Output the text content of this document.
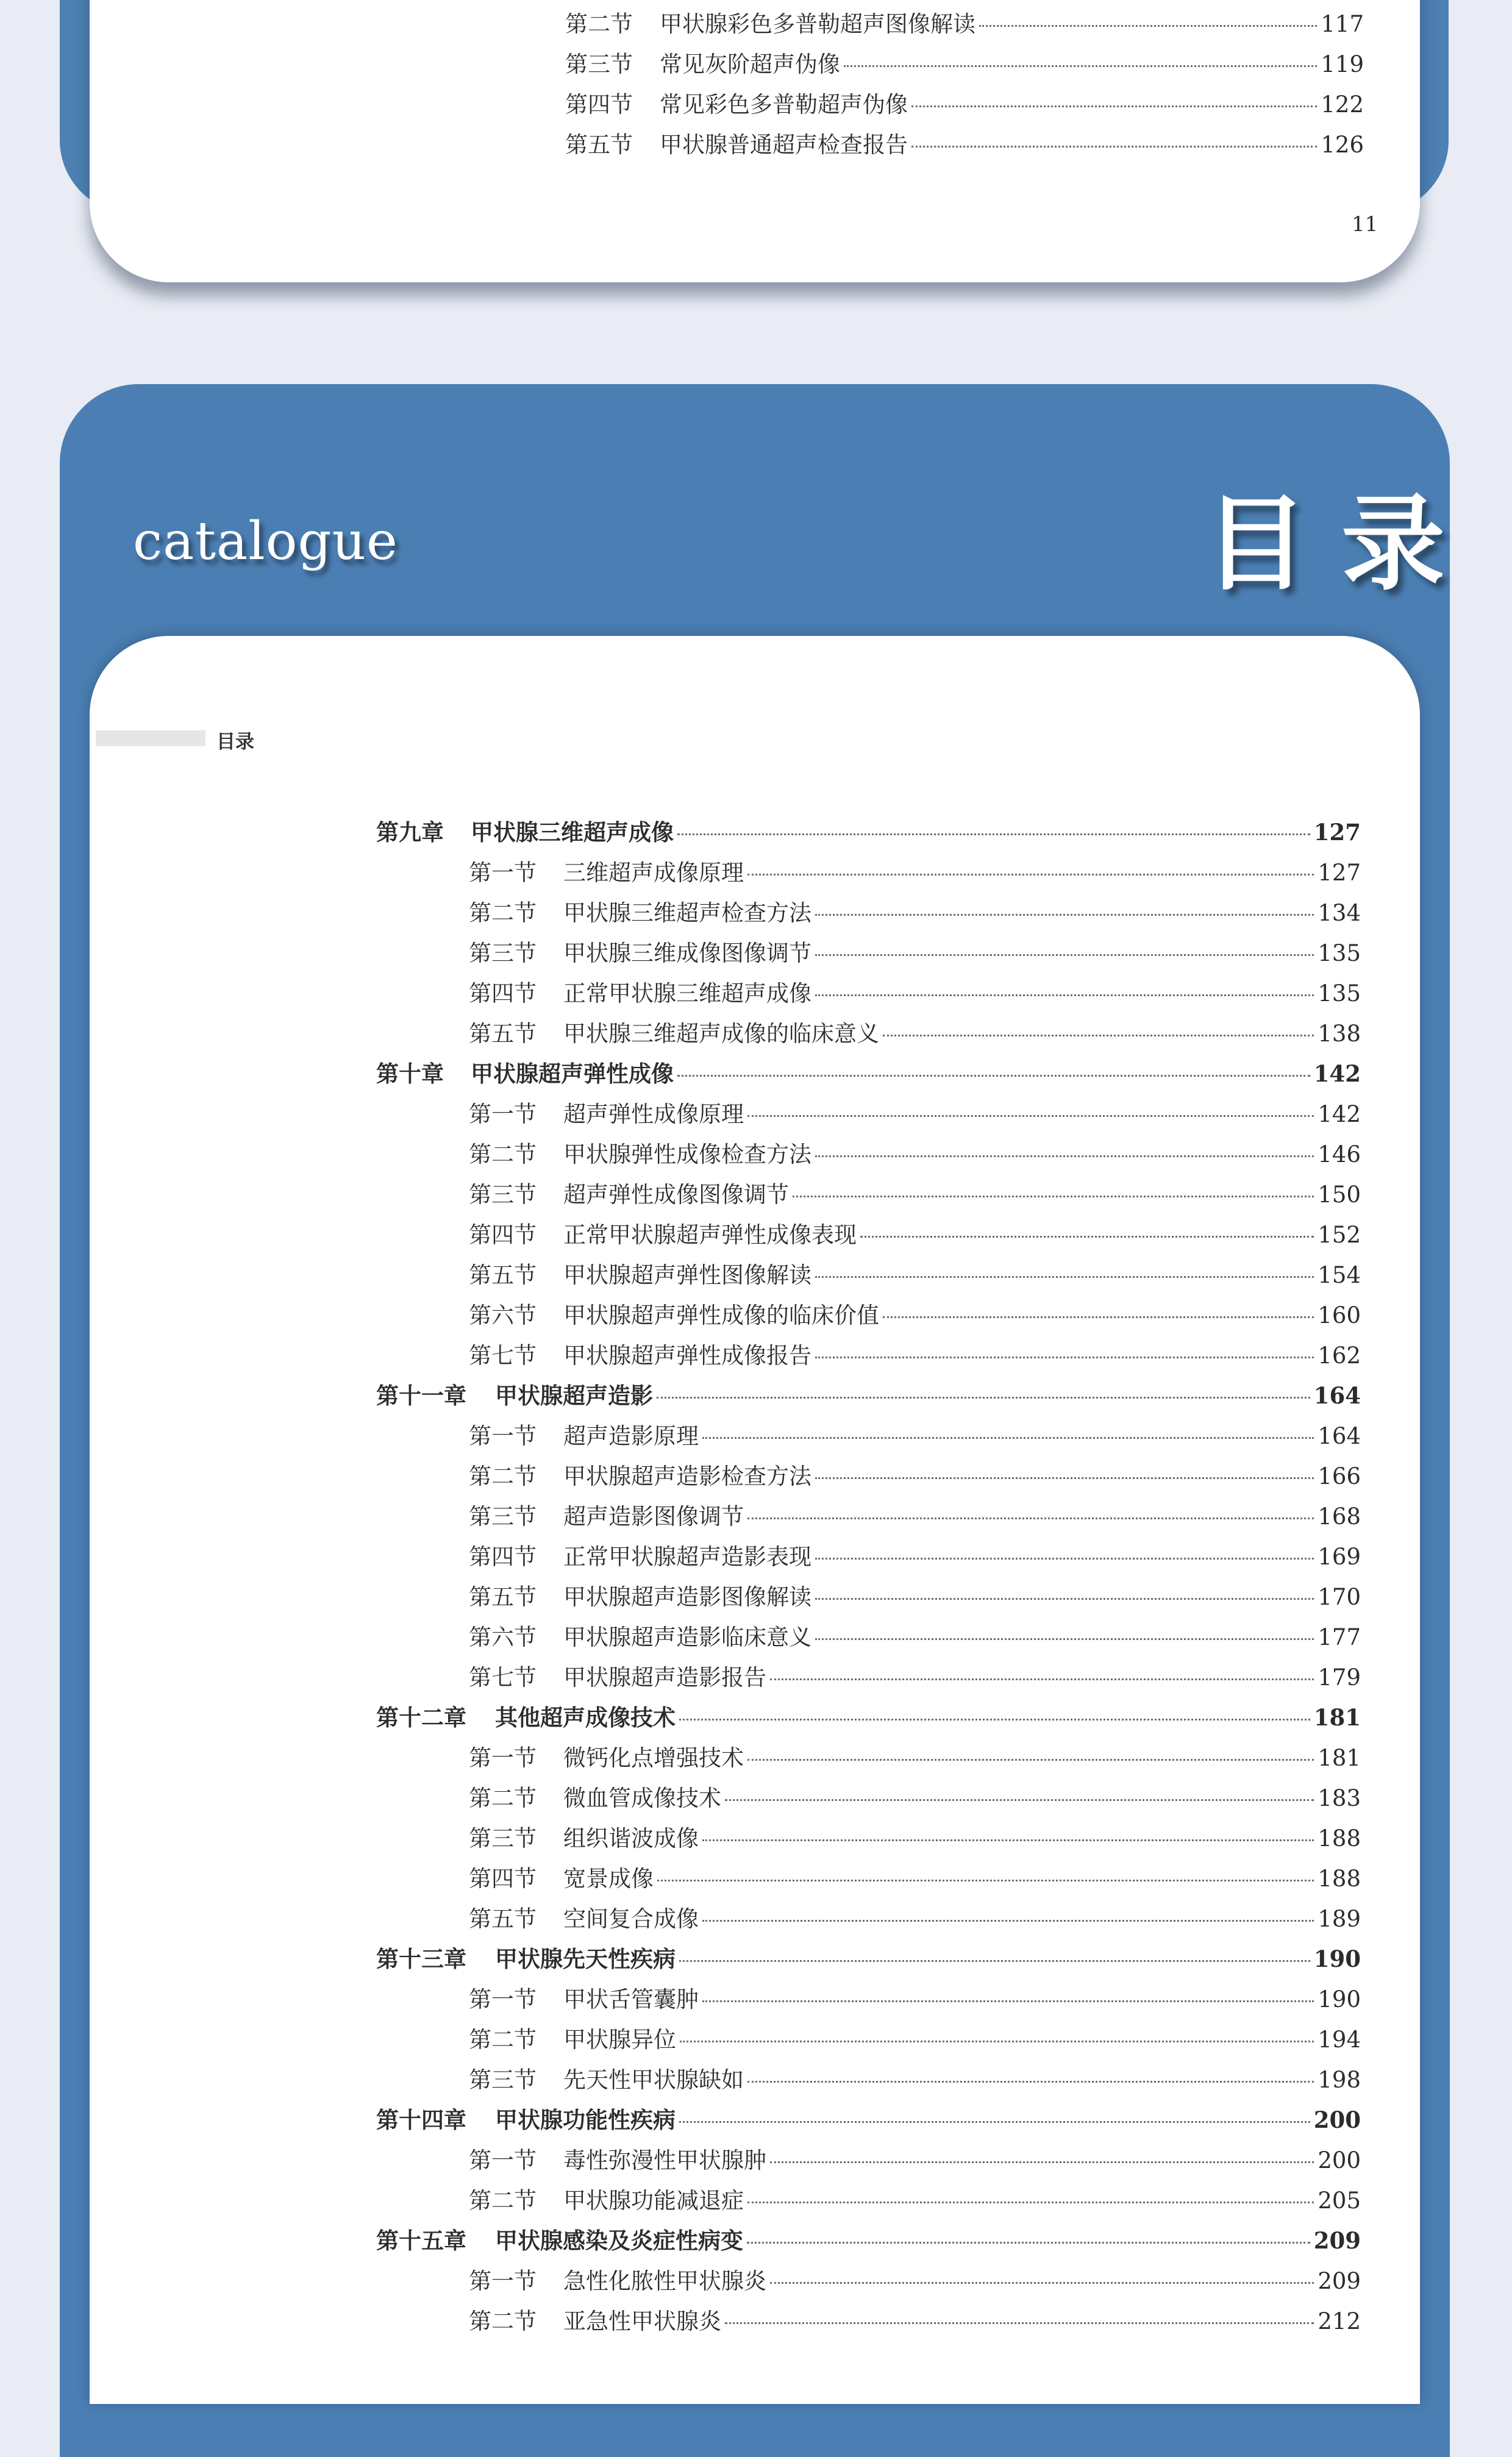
第二节	甲状腺彩色多普勒超声图像解读	117
第三节	常见灰阶超声伪像	119
第四节	常见彩色多普勒超声伪像	122
第五节	甲状腺普通超声检查报告	126
11
catalogue	目录
目录
第九章	甲状腺三维超声成像	127
第一节	三维超声成像原理	127
第二节	甲状腺三维超声检查方法	134
第三节	甲状腺三维成像图像调节	135
第四节	正常甲状腺三维超声成像	135
第五节	甲状腺三维超声成像的临床意义	138
第十章	甲状腺超声弹性成像	142
第一节	超声弹性成像原理	142
第二节	甲状腺弹性成像检查方法	146
第三节	超声弹性成像图像调节	150
第四节	正常甲状腺超声弹性成像表现	152
第五节	甲状腺超声弹性图像解读	154
第六节	甲状腺超声弹性成像的临床价值	160
第七节	甲状腺超声弹性成像报告	162
第十一章	甲状腺超声造影	164
第一节	超声造影原理	164
第二节	甲状腺超声造影检查方法	166
第三节	超声造影图像调节	168
第四节	正常甲状腺超声造影表现	169
第五节	甲状腺超声造影图像解读	170
第六节	甲状腺超声造影临床意义	177
第七节	甲状腺超声造影报告	179
第十二章	其他超声成像技术	181
第一节	微钙化点增强技术	181
第二节	微血管成像技术	183
第三节	组织谐波成像	188
第四节	宽景成像	188
第五节	空间复合成像	189
第十三章	甲状腺先天性疾病	190
第一节	甲状舌管囊肿	190
第二节	甲状腺异位	194
第三节	先天性甲状腺缺如	198
第十四章	甲状腺功能性疾病	200
第一节	毒性弥漫性甲状腺肿	200
第二节	甲状腺功能减退症	205
第十五章	甲状腺感染及炎症性病变	209
第一节	急性化脓性甲状腺炎	209
第二节	亚急性甲状腺炎	212
